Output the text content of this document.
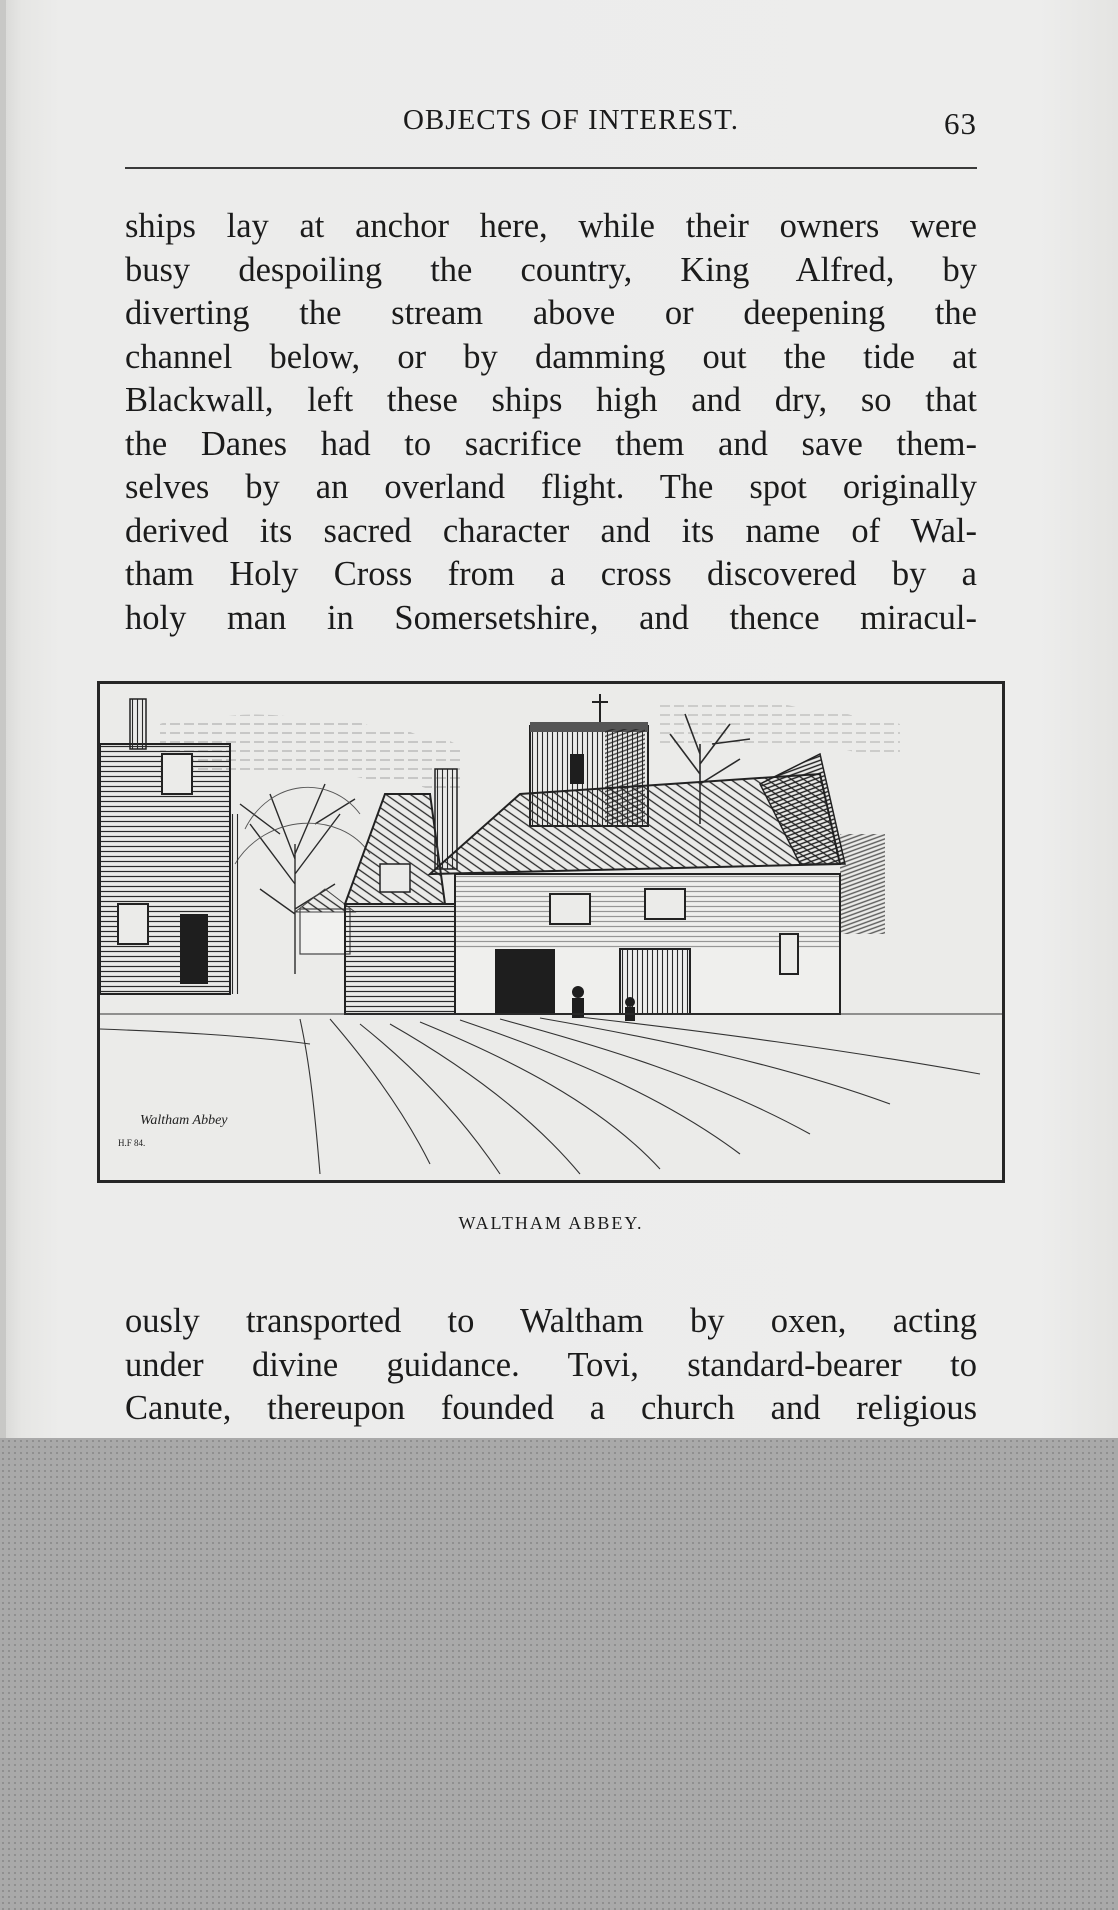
OBJECTS OF INTEREST.	63
ships lay at anchor here, while their owners were
busy despoiling the country, King Alfred, by
diverting the stream above or deepening the
channel below, or by damming out the tide at
Blackwall, left these ships high and dry, so that
the Danes had to sacrifice them and save them-
selves by an overland flight. The spot originally
derived its sacred character and its name of Wal-
tham Holy Cross from a cross discovered by a
holy man in Somersetshire, and thence miracul-
Waltham Abbey
H.F 84.
WALTHAM ABBEY.
ously transported to Waltham by oxen, acting
under divine guidance. Tovi, standard-bearer to
Canute, thereupon founded a church and religious
